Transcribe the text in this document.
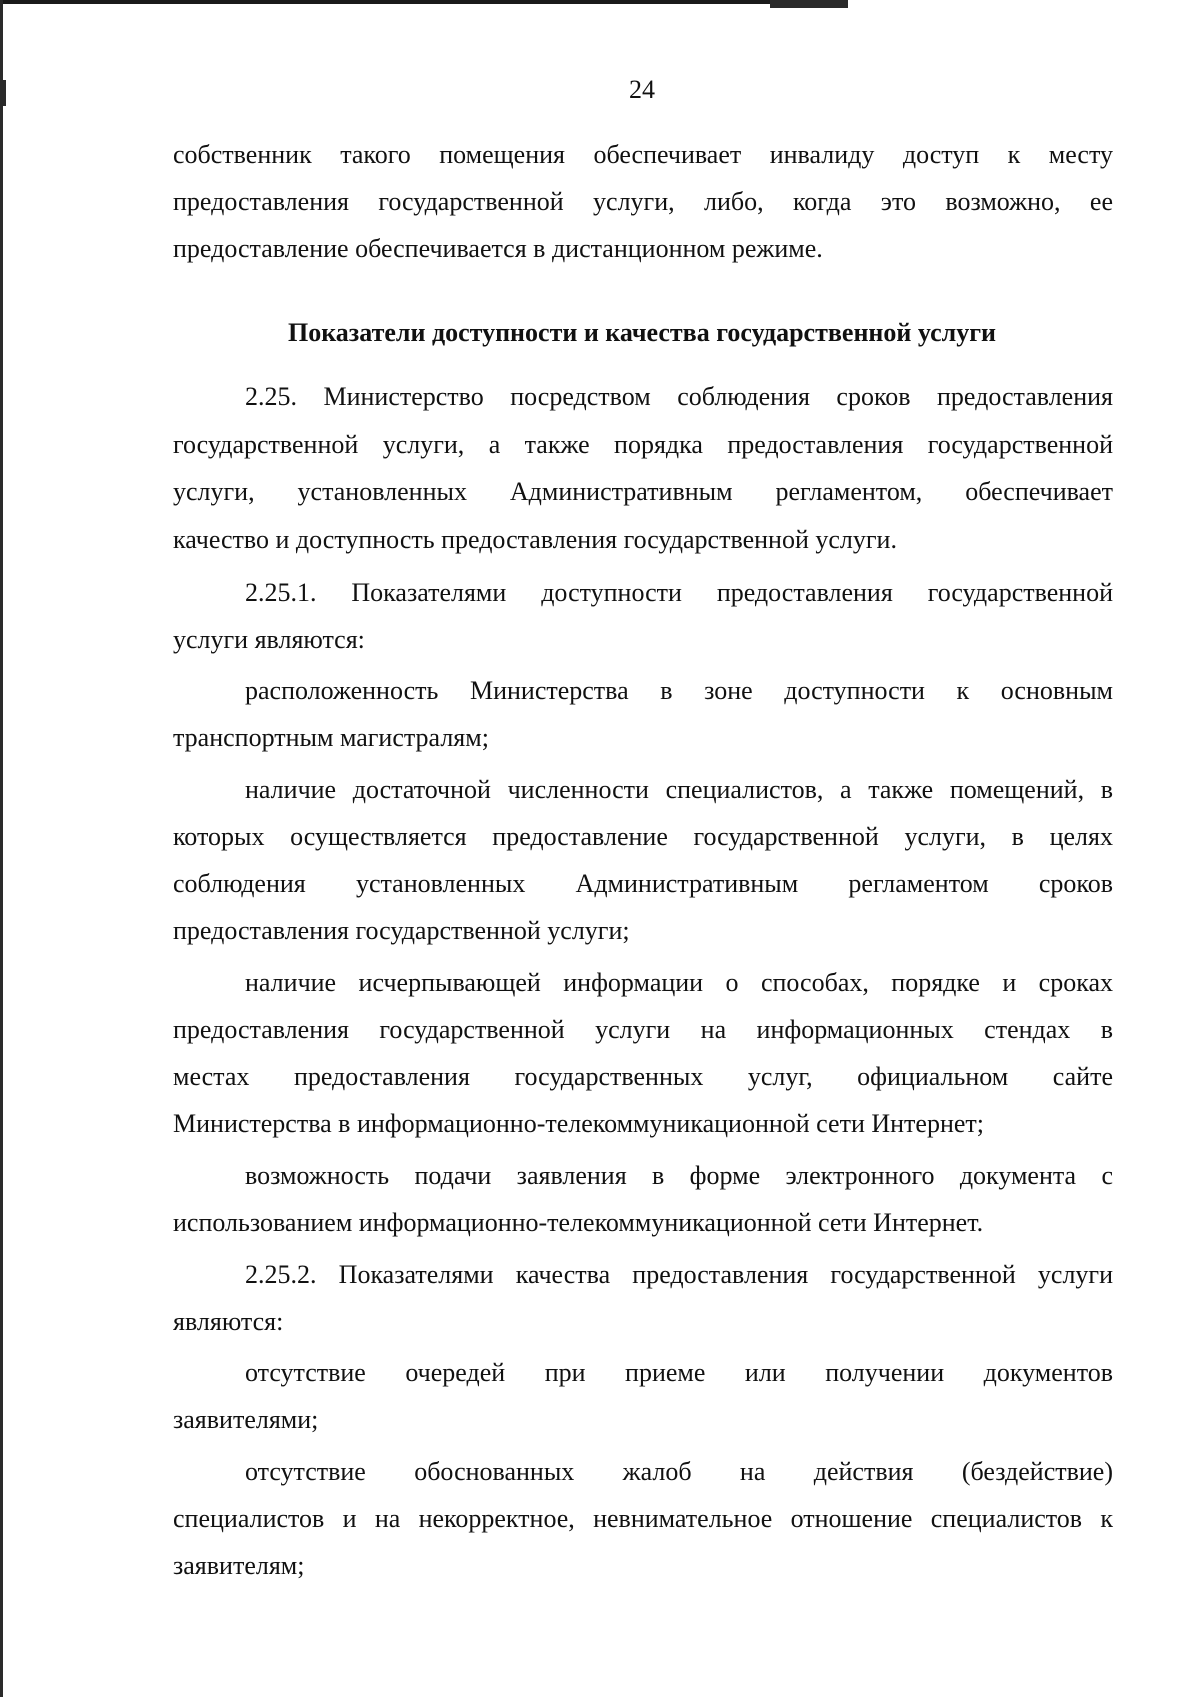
24

собственник такого помещения обеспечивает инвалиду доступ к месту

предоставления государственной услуги, либо, когда это возможно, ее

предоставление обеспечивается в дистанционном режиме.

Показатели доступности и качества государственной услуги

2.25. Министерство посредством соблюдения сроков предоставления

государственной услуги, а также порядка предоставления государственной

услуги, установленных Административным регламентом, обеспечивает

качество и доступность предоставления государственной услуги.

2.25.1. Показателями доступности предоставления государственной

услуги являются:

расположенность Министерства в зоне доступности к основным

транспортным магистралям;

наличие достаточной численности специалистов, а также помещений, в

которых осуществляется предоставление государственной услуги, в целях

соблюдения установленных Административным регламентом сроков

предоставления государственной услуги;

наличие исчерпывающей информации о способах, порядке и сроках

предоставления государственной услуги на информационных стендах в

местах предоставления государственных услуг, официальном сайте

Министерства в информационно-телекоммуникационной сети Интернет;

возможность подачи заявления в форме электронного документа с

использованием информационно-телекоммуникационной сети Интернет.

2.25.2. Показателями качества предоставления государственной услуги

являются:

отсутствие очередей при приеме или получении документов

заявителями;

отсутствие обоснованных жалоб на действия (бездействие)

специалистов и на некорректное, невнимательное отношение специалистов к

заявителям;
